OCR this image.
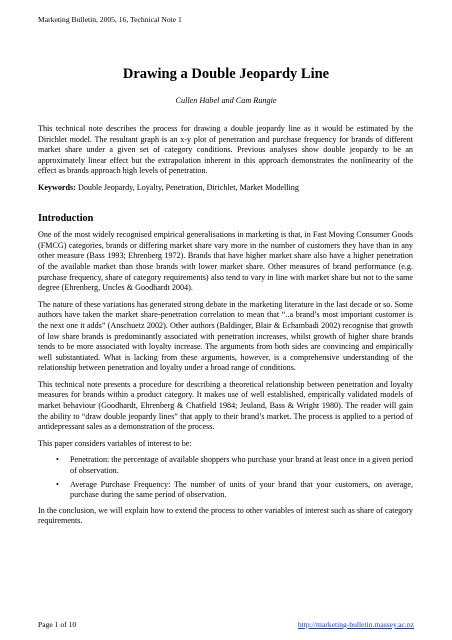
Marketing Bulletin, 2005, 16, Technical Note 1
Drawing a Double Jeopardy Line
Cullen Habel and Cam Rungie

This technical note describes the process for drawing a double jeopardy line as it would be estimated by the Dirichlet model. The resultant graph is an x-y plot of penetration and purchase frequency for brands of different market share under a given set of category conditions. Previous analyses show double jeopardy to be an approximately linear effect but the extrapolation inherent in this approach demonstrates the nonlinearity of the effect as brands approach high levels of penetration.

Keywords: Double Jeopardy, Loyalty, Penetration, Dirichlet, Market Modelling

Introduction

One of the most widely recognised empirical generalisations in marketing is that, in Fast Moving Consumer Goods (FMCG) categories, brands or differing market share vary more in the number of customers they have than in any other measure (Bass 1993; Ehrenberg 1972). Brands that have higher market share also have a higher penetration of the available market than those brands with lower market share. Other measures of brand performance (e.g. purchase frequency, share of category requirements) also tend to vary in line with market share but not to the same degree (Ehrenberg, Uncles & Goodhardt 2004).

The nature of these variations has generated strong debate in the marketing literature in the last decade or so. Some authors have taken the market share-penetration correlation to mean that “..a brand’s most important customer is the next one it adds” (Anschuetz 2002). Other authors (Baldinger, Blair & Echambadi 2002) recognise that growth of low share brands is predominantly associated with penetration increases, whilst growth of higher share brands tends to be more associated with loyalty increase. The arguments from both sides are convincing and empirically well substantiated. What is lacking from these arguments, however, is a comprehensive understanding of the relationship between penetration and loyalty under a broad range of conditions.

This technical note presents a procedure for describing a theoretical relationship between penetration and loyalty measures for brands within a product category. It makes use of well established, empirically validated models of market behaviour (Goodhardt, Ehrenberg & Chatfield 1984; Jeuland, Bass & Wright 1980). The reader will gain the ability to “draw double jeopardy lines” that apply to their brand’s market. The process is applied to a period of antidepressant sales as a demonstration of the process.

This paper considers variables of interest to be:

• Penetration: the percentage of available shoppers who purchase your brand at least once in a given period of observation.
• Average Purchase Frequency: The number of units of your brand that your customers, on average, purchase during the same period of observation.

In the conclusion, we will explain how to extend the process to other variables of interest such as share of category requirements.

Page 1 of 10	http://marketing-bulletin.massey.ac.nz
